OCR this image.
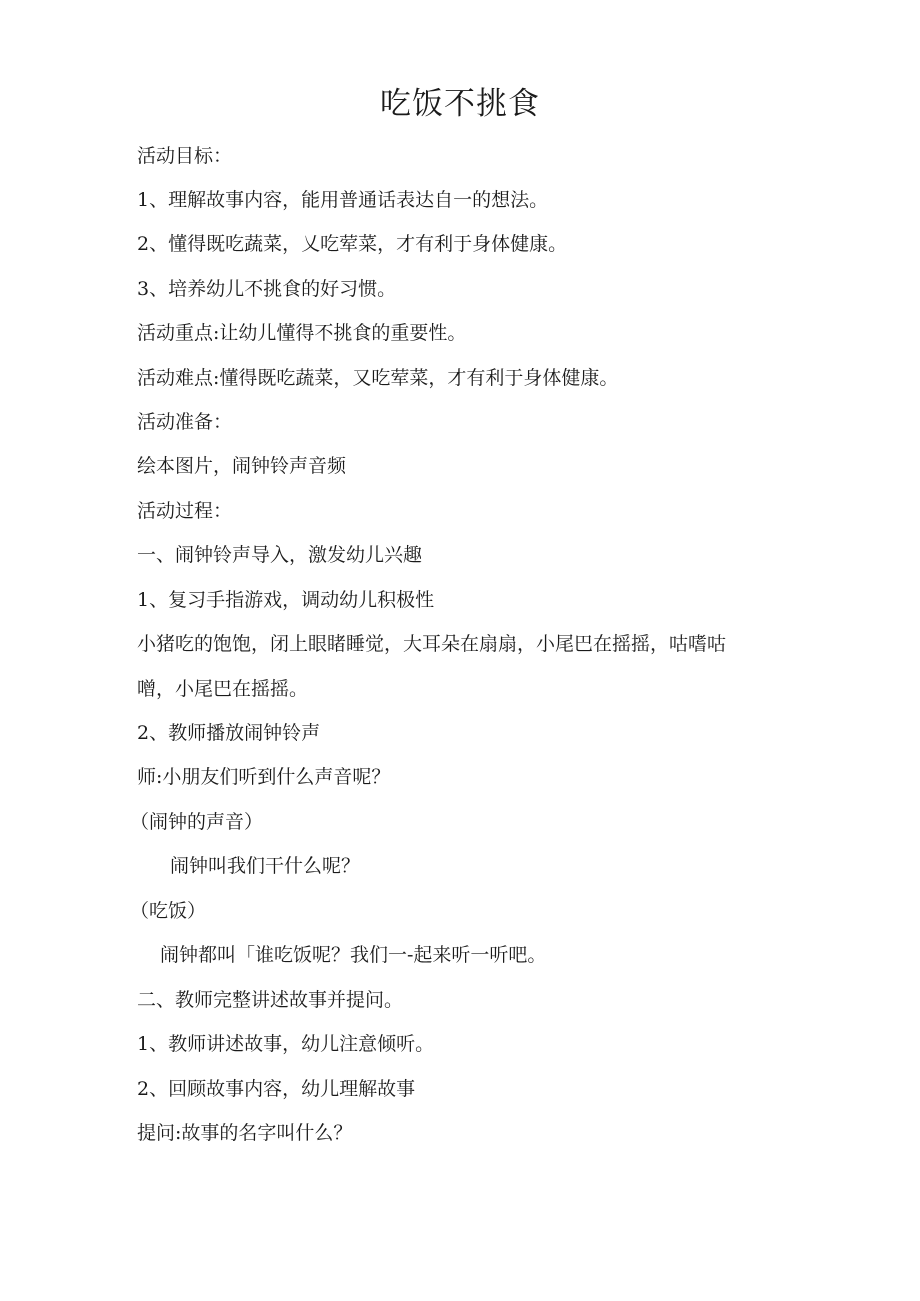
吃饭不挑食
活动目标：
1、理解故事内容，能用普通话表达自一的想法。
2、懂得既吃蔬菜，乂吃荤菜，才有利于身体健康。
3、培养幼儿不挑食的好习惯。
活动重点:让幼儿懂得不挑食的重要性。
活动难点:懂得既吃蔬菜，又吃荤菜，才有利于身体健康。
活动准备：
绘本图片，闹钟铃声音频
活动过程：
一、闹钟铃声导入，激发幼儿兴趣
1、复习手指游戏，调动幼儿积极性
小猪吃的饱饱，闭上眼睹睡觉，大耳朵在扇扇，小尾巴在摇摇，咕嗜咕
噌，小尾巴在摇摇。
2、教师播放闹钟铃声
师:小朋友们听到什么声音呢？
（闹钟的声音）
闹钟叫我们干什么呢？
（吃饭）
闹钟都叫「谁吃饭呢？我们一-起来听一听吧。
二、教师完整讲述故事并提问。
1、教师讲述故事，幼儿注意倾听。
2、回顾故事内容，幼儿理解故事
提问:故事的名字叫什么？
